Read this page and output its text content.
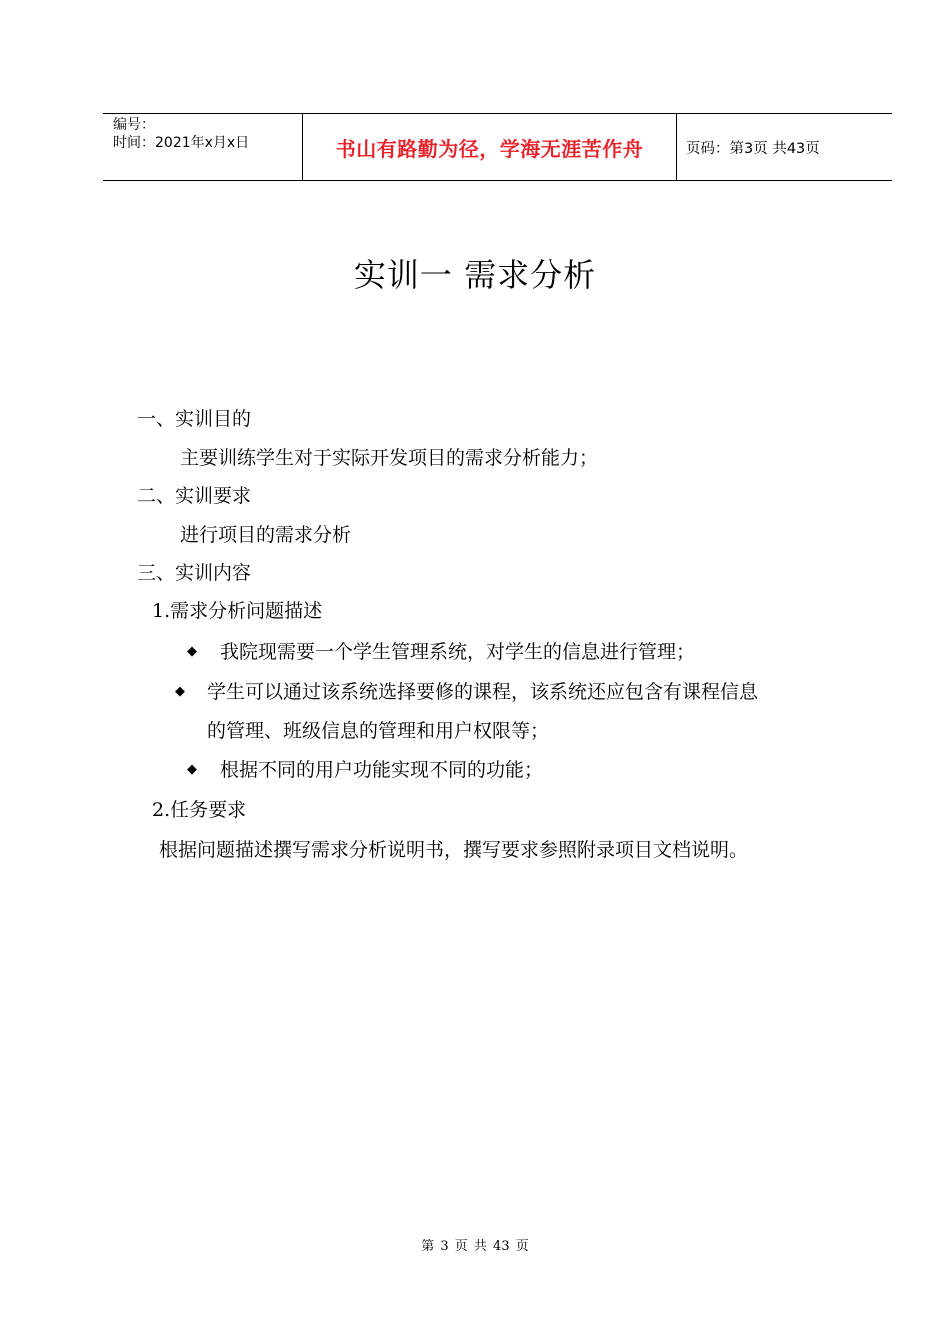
编号：
时间：2021年x月x日	书山有路勤为径，学海无涯苦作舟	页码：第3页 共43页
实训一 需求分析
一、实训目的
主要训练学生对于实际开发项目的需求分析能力；
二、实训要求
进行项目的需求分析
三、实训内容
1.需求分析问题描述
◆ 我院现需要一个学生管理系统，对学生的信息进行管理；
◆ 学生可以通过该系统选择要修的课程，该系统还应包含有课程信息
的管理、班级信息的管理和用户权限等；
◆ 根据不同的用户功能实现不同的功能；
2.任务要求
根据问题描述撰写需求分析说明书，撰写要求参照附录项目文档说明。
第 3 页 共 43 页
